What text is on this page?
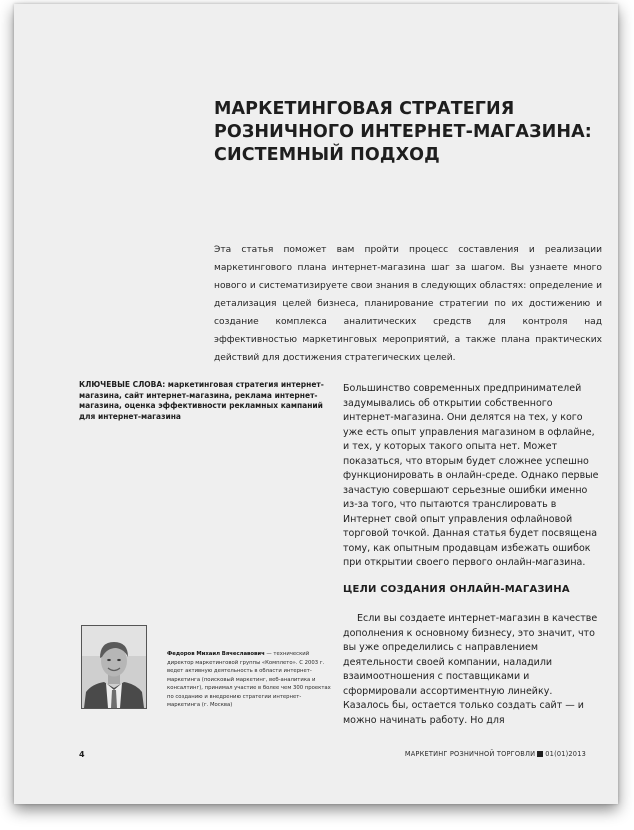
МАРКЕТИНГОВАЯ СТРАТЕГИЯ РОЗНИЧНОГО ИНТЕРНЕТ-МАГАЗИНА: СИСТЕМНЫЙ ПОДХОД

Эта статья поможет вам пройти процесс составления и реализации маркетингового плана интернет-магазина шаг за шагом. Вы узнаете много нового и систематизируете свои знания в следующих областях: определение и детализация целей бизнеса, планирование стратегии по их достижению и создание комплекса аналитических средств для контроля над эффективностью маркетинговых мероприятий, а также плана практических действий для достижения стратегических целей.

КЛЮЧЕВЫЕ СЛОВА: маркетинговая стратегия интернет-магазина, сайт интернет-магазина, реклама интернет-магазина, оценка эффективности рекламных кампаний для интернет-магазина

Большинство современных предпринимателей задумывались об открытии собственного интернет-магазина. Они делятся на тех, у кого уже есть опыт управления магазином в офлайне, и тех, у которых такого опыта нет. Может показаться, что вторым будет сложнее успешно функционировать в онлайн-среде. Однако первые зачастую совершают серьезные ошибки именно из-за того, что пытаются транслировать в Интернет свой опыт управления офлайновой торговой точкой. Данная статья будет посвящена тому, как опытным продавцам избежать ошибок при открытии своего первого онлайн-магазина.

ЦЕЛИ СОЗДАНИЯ ОНЛАЙН-МАГАЗИНА

Если вы создаете интернет-магазин в качестве дополнения к основному бизнесу, это значит, что вы уже определились с направлением деятельности своей компании, наладили взаимоотношения с поставщиками и сформировали ассортиментную линейку. Казалось бы, остается только создать сайт — и можно начинать работу. Но для

Федоров Михаил Вячеславович — технический директор маркетинговой группы «Комплето». С 2003 г. ведет активную деятельность в области интернет-маркетинга (поисковый маркетинг, веб-аналитика и консалтинг), принимал участие в более чем 300 проектах по созданию и внедрению стратегии интернет-маркетинга (г. Москва)

4	МАРКЕТИНГ РОЗНИЧНОЙ ТОРГОВЛИ 01(01)2013
